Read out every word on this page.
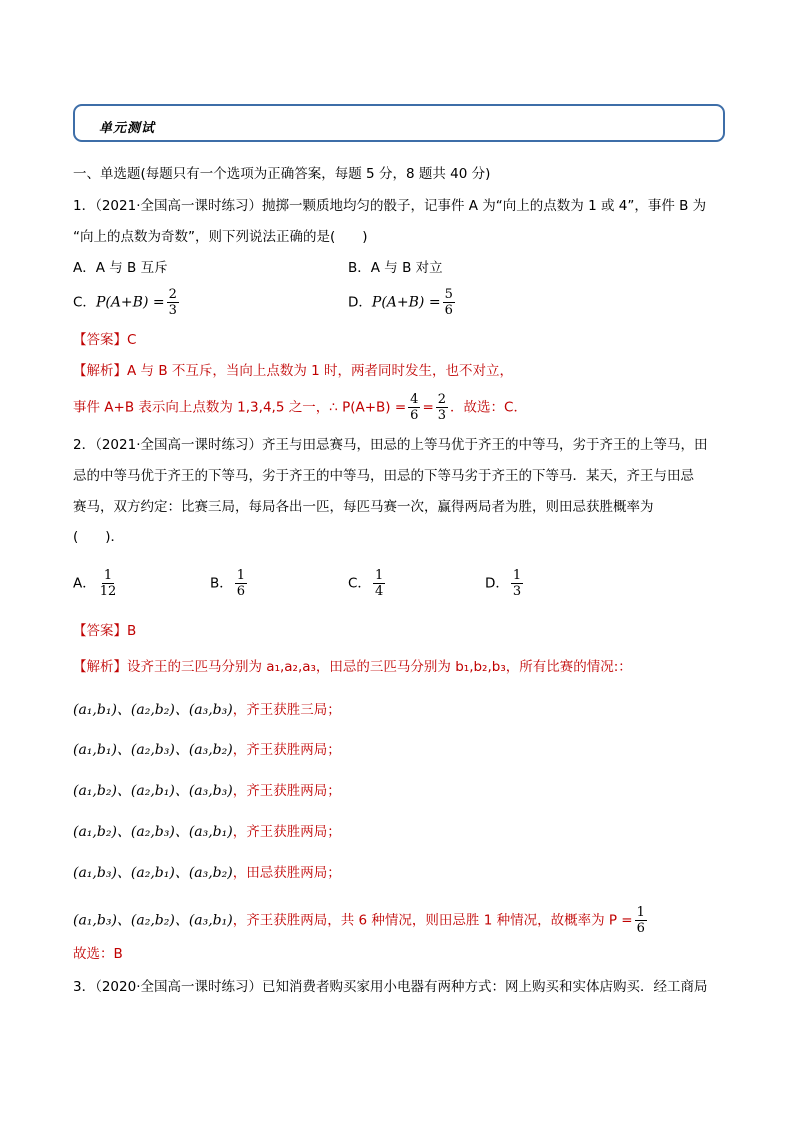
单元测试
一、单选题(每题只有一个选项为正确答案，每题 5 分，8 题共 40 分)
1．（2021·全国高一课时练习）抛掷一颗质地均匀的骰子，记事件 A 为“向上的点数为 1 或 4”，事件 B 为
“向上的点数为奇数”，则下列说法正确的是(　　)
A．A 与 B 互斥	B．A 与 B 对立
C．$P(A+B) = \frac{2}{3}$	D．$P(A+B) = \frac{5}{6}$
【答案】C
【解析】A 与 B 不互斥，当向上点数为 1 时，两者同时发生，也不对立，
事件 A+B 表示向上点数为 1,3,4,5 之一，∴ $P(A+B) = \frac{4}{6} = \frac{2}{3}$ ．故选：C．
2．（2021·全国高一课时练习）齐王与田忌赛马，田忌的上等马优于齐王的中等马，劣于齐王的上等马，田
忌的中等马优于齐王的下等马，劣于齐王的中等马，田忌的下等马劣于齐王的下等马．某天，齐王与田忌
赛马，双方约定：比赛三局，每局各出一匹，每匹马赛一次，赢得两局者为胜，则田忌获胜概率为
(　　)．
A． $\frac{1}{12}$	B． $\frac{1}{6}$	C． $\frac{1}{4}$	D． $\frac{1}{3}$
【答案】B
【解析】设齐王的三匹马分别为 a₁,a₂,a₃，田忌的三匹马分别为 b₁,b₂,b₃，所有比赛的情况:：
(a₁,b₁)、(a₂,b₂)、(a₃,b₃)，齐王获胜三局；
(a₁,b₁)、(a₂,b₃)、(a₃,b₂)，齐王获胜两局；
(a₁,b₂)、(a₂,b₁)、(a₃,b₃)，齐王获胜两局；
(a₁,b₂)、(a₂,b₃)、(a₃,b₁)，齐王获胜两局；
(a₁,b₃)、(a₂,b₁)、(a₃,b₂)，田忌获胜两局；
(a₁,b₃)、(a₂,b₂)、(a₃,b₁)，齐王获胜两局，共 6 种情况，则田忌胜 1 种情况，故概率为 $P = \frac{1}{6}$
故选：B
3．（2020·全国高一课时练习）已知消费者购买家用小电器有两种方式：网上购买和实体店购买．经工商局
